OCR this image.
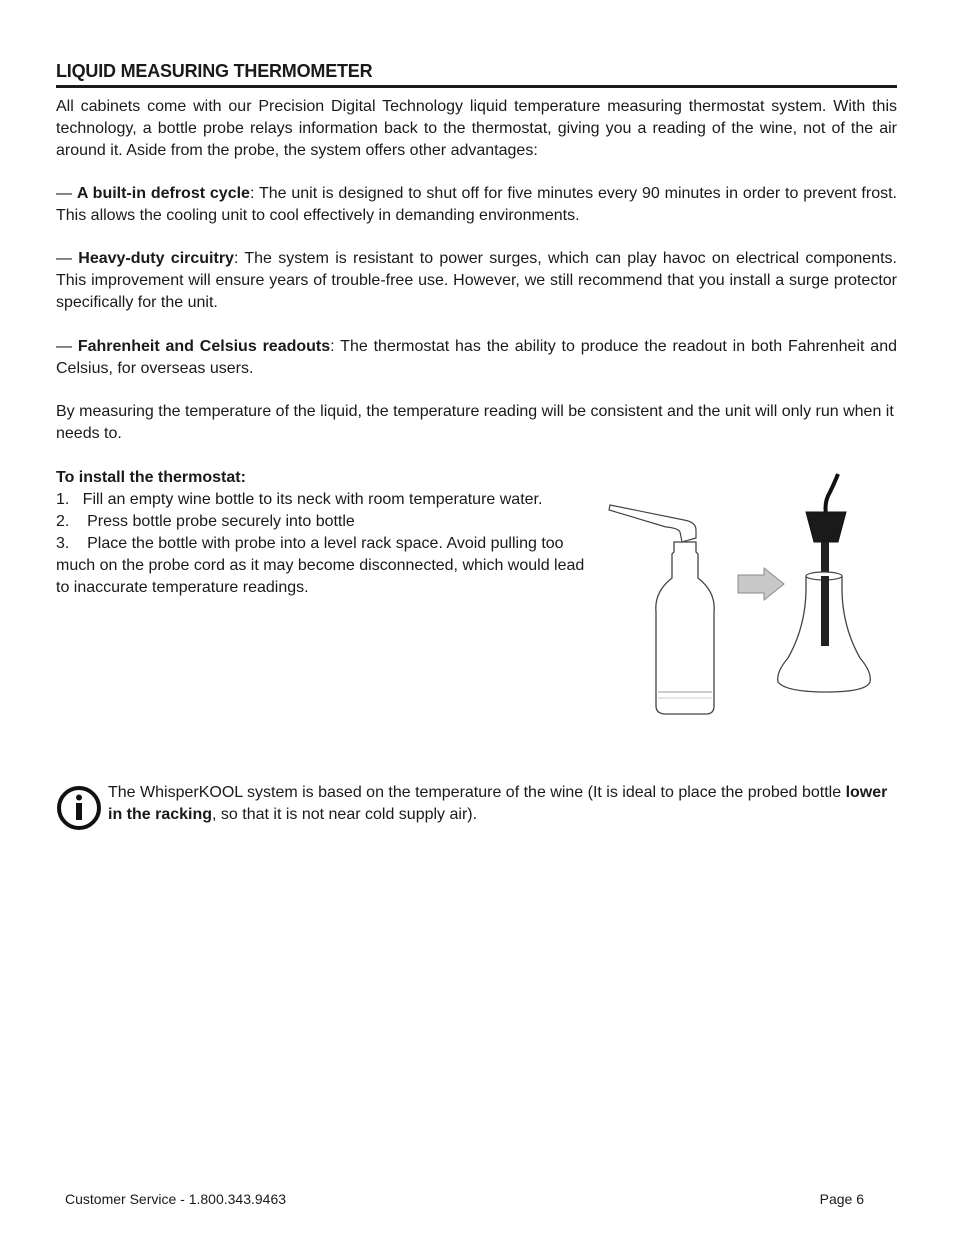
LIQUID MEASURING THERMOMETER

All cabinets come with our Precision Digital Technology liquid temperature measuring thermostat system. With this technology, a bottle probe relays information back to the thermostat, giving you a reading of the wine, not of the air around it. Aside from the probe, the system offers other advantages:

— A built-in defrost cycle: The unit is designed to shut off for five minutes every 90 minutes in order to prevent frost. This allows the cooling unit to cool effectively in demanding environments.

— Heavy-duty circuitry: The system is resistant to power surges, which can play havoc on electrical components. This improvement will ensure years of trouble-free use. However, we still recommend that you install a surge protector specifically for the unit.

— Fahrenheit and Celsius readouts: The thermostat has the ability to produce the readout in both Fahrenheit and Celsius, for overseas users.

By measuring the temperature of the liquid, the temperature reading will be consistent and the unit will only run when it needs to.

To install the thermostat:

1.   Fill an empty wine bottle to its neck with room temperature water.

2.    Press bottle probe securely into bottle

3.    Place the bottle with probe into a level rack space. Avoid pulling too much on the probe cord as it may become disconnected, which would lead to inaccurate temperature readings.

The WhisperKOOL system is based on the temperature of the wine (It is ideal to place the probed bottle lower in the racking, so that it is not near cold supply air).

Customer Service - 1.800.343.9463	Page 6
